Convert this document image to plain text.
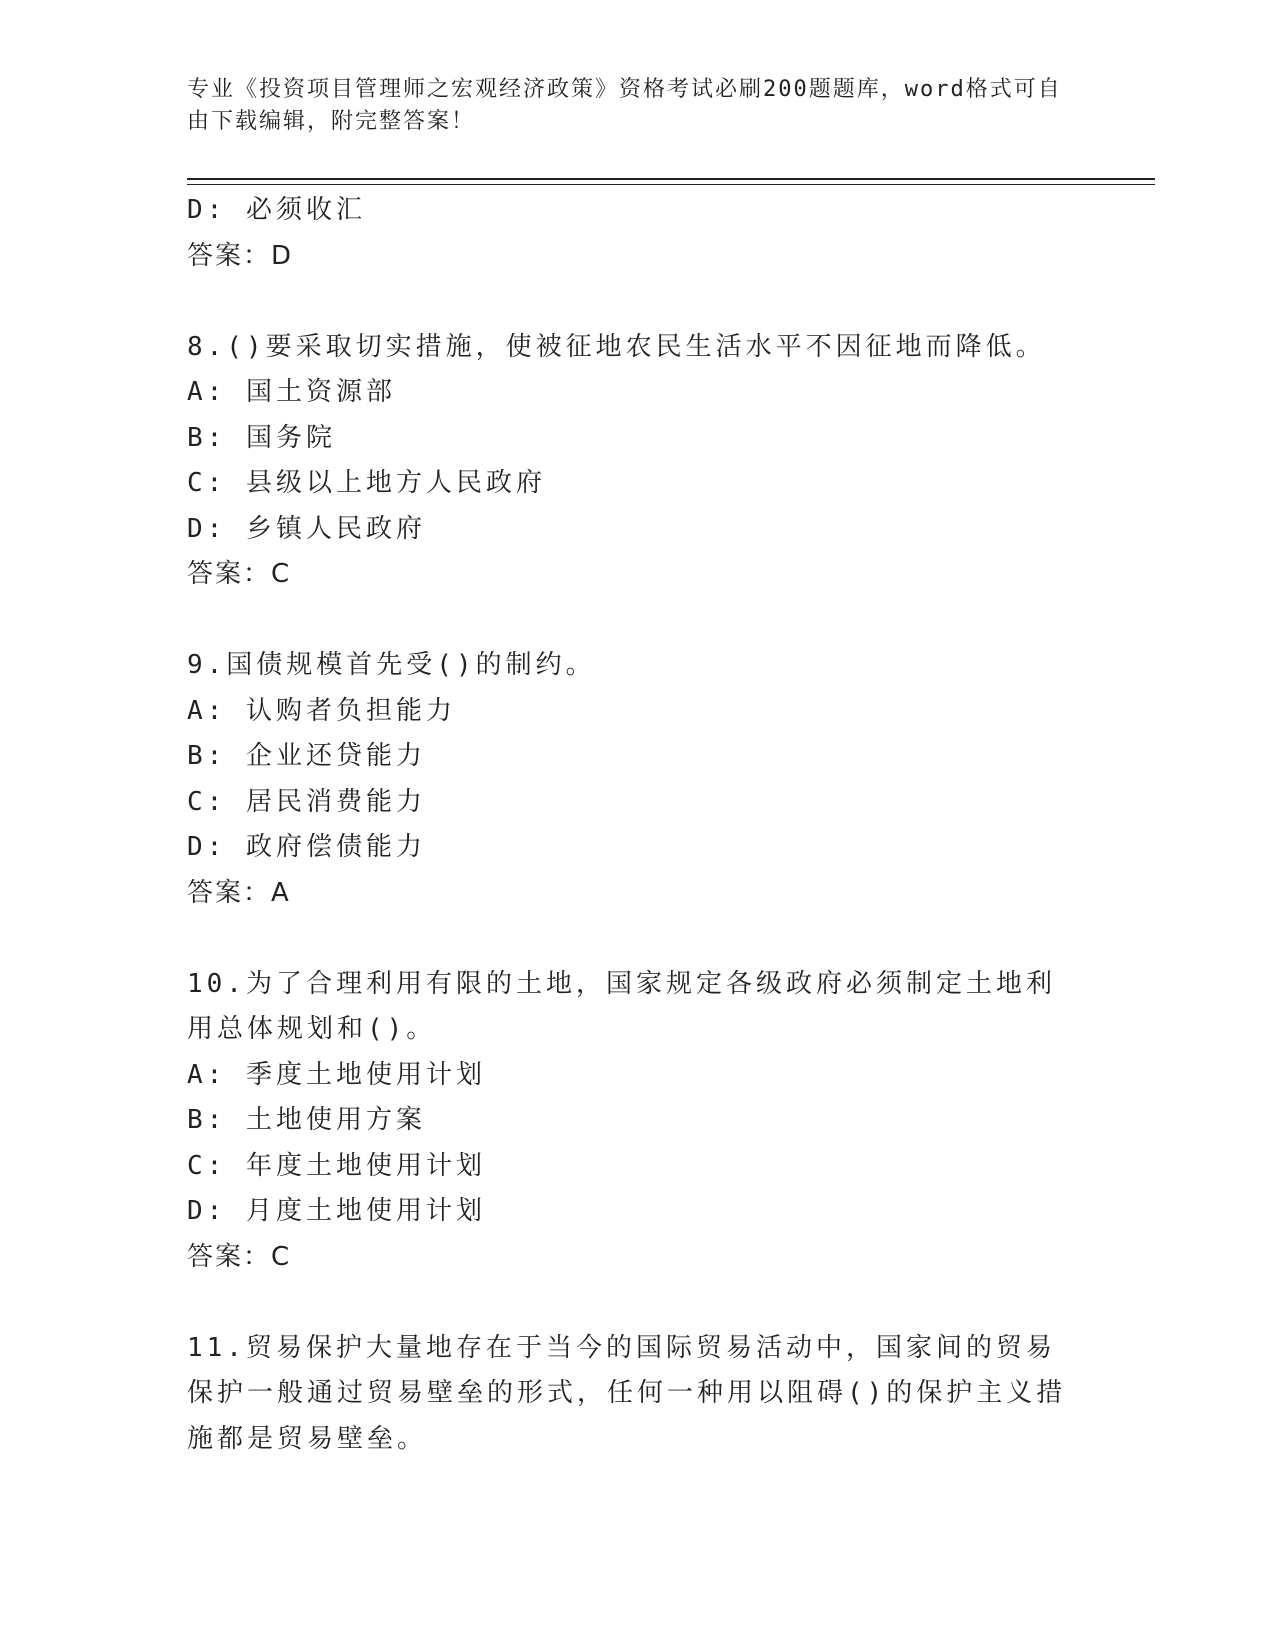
专业《投资项目管理师之宏观经济政策》资格考试必刷200题题库，word格式可自由下载编辑，附完整答案！
D: 必须收汇
答案：D
8.()要采取切实措施，使被征地农民生活水平不因征地而降低。
A: 国土资源部
B: 国务院
C: 县级以上地方人民政府
D: 乡镇人民政府
答案：C
9.国债规模首先受()的制约。
A: 认购者负担能力
B: 企业还贷能力
C: 居民消费能力
D: 政府偿债能力
答案：A
10.为了合理利用有限的土地，国家规定各级政府必须制定土地利用总体规划和()。
A: 季度土地使用计划
B: 土地使用方案
C: 年度土地使用计划
D: 月度土地使用计划
答案：C
11.贸易保护大量地存在于当今的国际贸易活动中，国家间的贸易保护一般通过贸易壁垒的形式，任何一种用以阻碍()的保护主义措施都是贸易壁垒。
